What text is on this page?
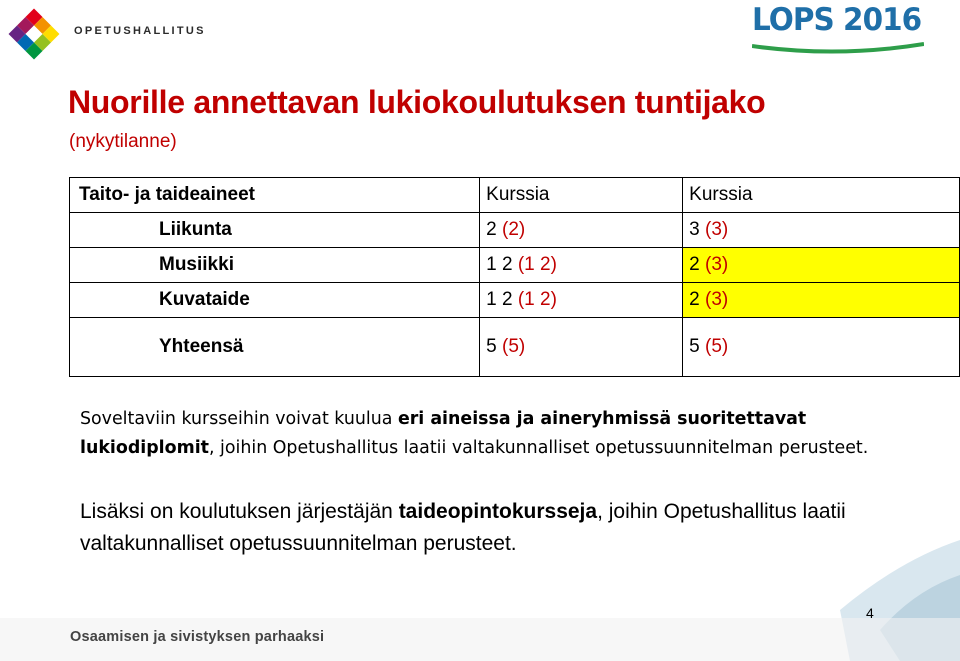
OPETUSHALLITUS	LOPS 2016
Nuorille annettavan lukiokoulutuksen tuntijako
(nykytilanne)
Taito- ja taideaineet	Kurssia	Kurssia
Liikunta	2 (2)	3 (3)
Musiikki	1 2 (1 2)	2 (3)
Kuvataide	1 2 (1 2)	2 (3)
Yhteensä	5 (5)	5 (5)
Soveltaviin kursseihin voivat kuulua eri aineissa ja aineryhmissä suoritettavat lukiodiplomit, joihin Opetushallitus laatii valtakunnalliset opetussuunnitelman perusteet.
Lisäksi on koulutuksen järjestäjän taideopintokursseja, joihin Opetushallitus laatii valtakunnalliset opetussuunnitelman perusteet.
Osaamisen ja sivistyksen parhaaksi
4
